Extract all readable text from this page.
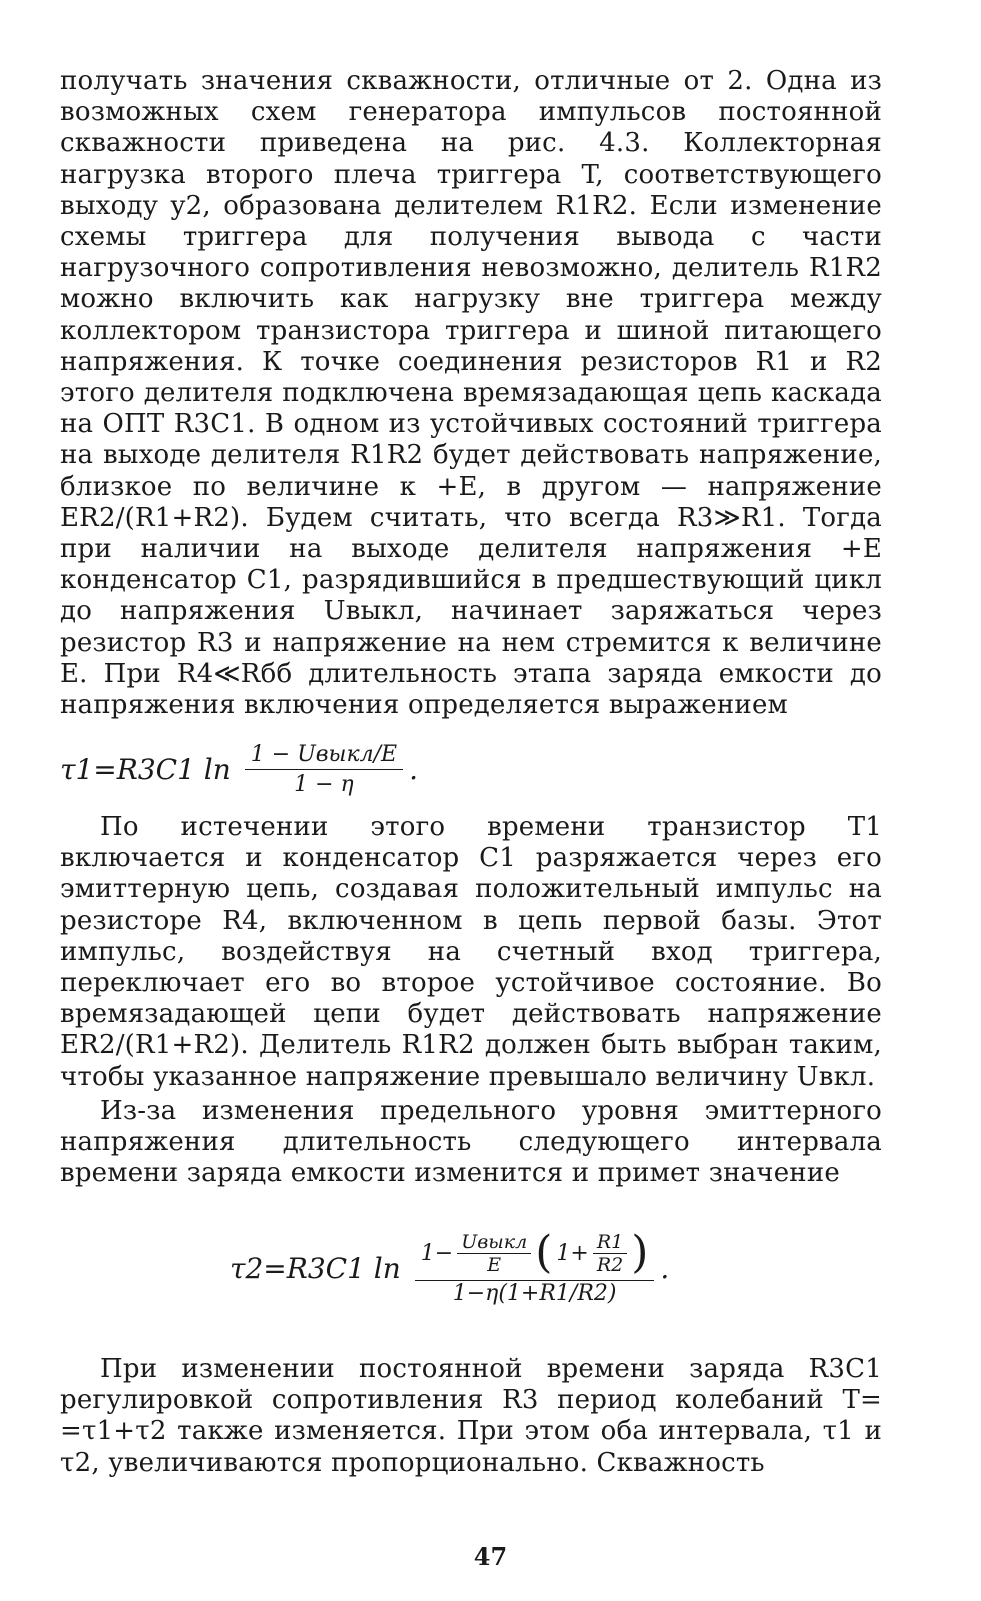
получать значения скважности, отличные от 2. Одна из возможных схем генератора импульсов постоянной скважности приведена на рис. 4.3. Коллекторная нагрузка второго плеча триггера T, соответствующего выходу y2, образована делителем R1R2. Если изменение схемы триггера для получения вывода с части нагрузочного сопротивления невозможно, делитель R1R2 можно включить как нагрузку вне триггера между коллектором транзистора триггера и шиной питающего напряжения. К точке соединения резисторов R1 и R2 этого делителя подключена времязадающая цепь каскада на ОПТ R3C1. В одном из устойчивых состояний триггера на выходе делителя R1R2 будет действовать напряжение, близкое по величине к +E, в другом — напряжение ER2/(R1+R2). Будем считать, что всегда R3≫R1. Тогда при наличии на выходе делителя напряжения +E конденсатор C1, разрядившийся в предшествующий цикл до напряжения Uвыкл, начинает заряжаться через резистор R3 и напряжение на нем стремится к величине E. При R4≪Rбб длительность этапа заряда емкости до напряжения включения определяется выражением

τ1=R3C1 $\ln \frac{\text{1 − Uвыкл/E}}{1 - \eta}$ .

По истечении этого времени транзистор T1 включается и конденсатор C1 разряжается через его эмиттерную цепь, создавая положительный импульс на резисторе R4, включенном в цепь первой базы. Этот импульс, воздействуя на счетный вход триггера, переключает его во второе устойчивое состояние. Во времязадающей цепи будет действовать напряжение ER2/(R1+R2). Делитель R1R2 должен быть выбран таким, чтобы указанное напряжение превышало величину Uвкл.

Из-за изменения предельного уровня эмиттерного напряжения длительность следующего интервала времени заряда емкости изменится и примет значение

τ2=R3C1 $\ln 1- \frac{\text{Uвыкл}}{E}$ ( $1+ \frac{R1}{R2}$ )
1−η(1+R1/R2)
.

При изменении постоянной времени заряда R3C1 регулировкой сопротивления R3 период колебаний T= =τ1+τ2 также изменяется. При этом оба интервала, τ1 и τ2, увеличиваются пропорционально. Скважность

47
